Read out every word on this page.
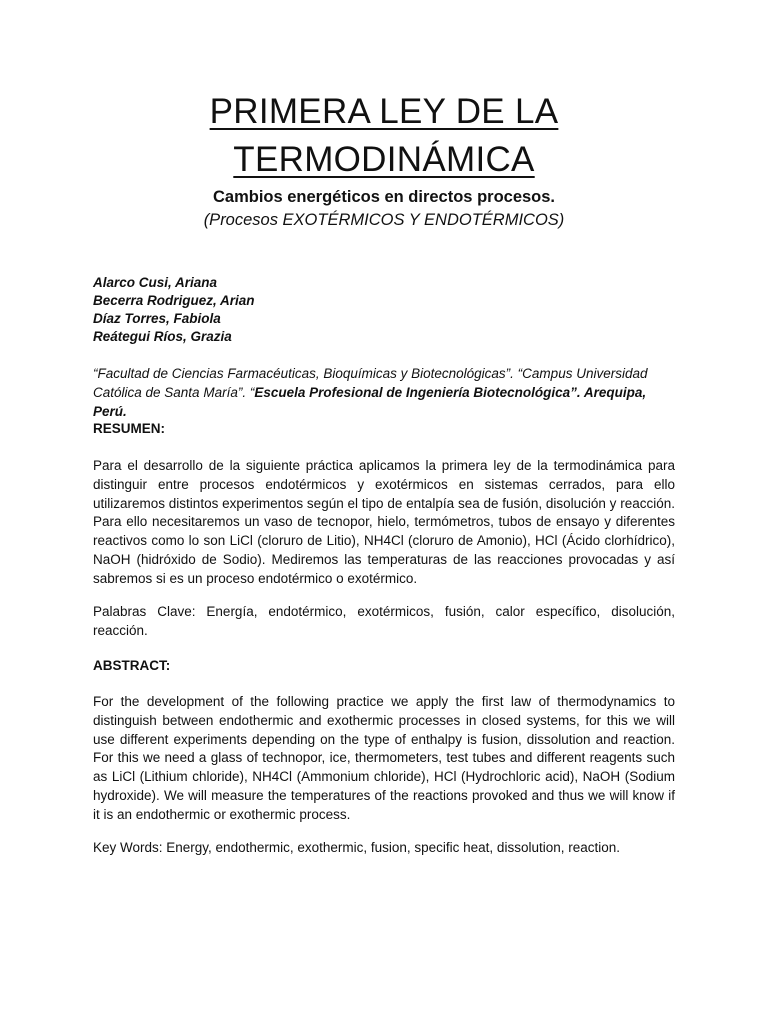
PRIMERA LEY DE LA
TERMODINÁMICA
Cambios energéticos en directos procesos.
(Procesos EXOTÉRMICOS Y ENDOTÉRMICOS)
Alarco Cusi, Ariana
Becerra Rodriguez, Arian
Díaz Torres, Fabiola
Reátegui Ríos, Grazia
“Facultad de Ciencias Farmacéuticas, Bioquímicas y Biotecnológicas”. “Campus Universidad Católica de Santa María”. “Escuela Profesional de Ingeniería Biotecnológica”. Arequipa, Perú.
RESUMEN:
Para el desarrollo de la siguiente práctica aplicamos la primera ley de la termodinámica para distinguir entre procesos endotérmicos y exotérmicos en sistemas cerrados, para ello utilizaremos distintos experimentos según el tipo de entalpía sea de fusión, disolución y reacción. Para ello necesitaremos un vaso de tecnopor, hielo, termómetros, tubos de ensayo y diferentes reactivos como lo son LiCl (cloruro de Litio), NH4Cl (cloruro de Amonio), HCl (Ácido clorhídrico), NaOH (hidróxido de Sodio). Mediremos las temperaturas de las reacciones provocadas y así sabremos si es un proceso endotérmico o exotérmico.
Palabras Clave: Energía, endotérmico, exotérmicos, fusión, calor específico, disolución, reacción.
ABSTRACT:
For the development of the following practice we apply the first law of thermodynamics to distinguish between endothermic and exothermic processes in closed systems, for this we will use different experiments depending on the type of enthalpy is fusion, dissolution and reaction. For this we need a glass of technopor, ice, thermometers, test tubes and different reagents such as LiCl (Lithium chloride), NH4Cl (Ammonium chloride), HCl (Hydrochloric acid), NaOH (Sodium hydroxide). We will measure the temperatures of the reactions provoked and thus we will know if it is an endothermic or exothermic process.
Key Words: Energy, endothermic, exothermic, fusion, specific heat, dissolution, reaction.
